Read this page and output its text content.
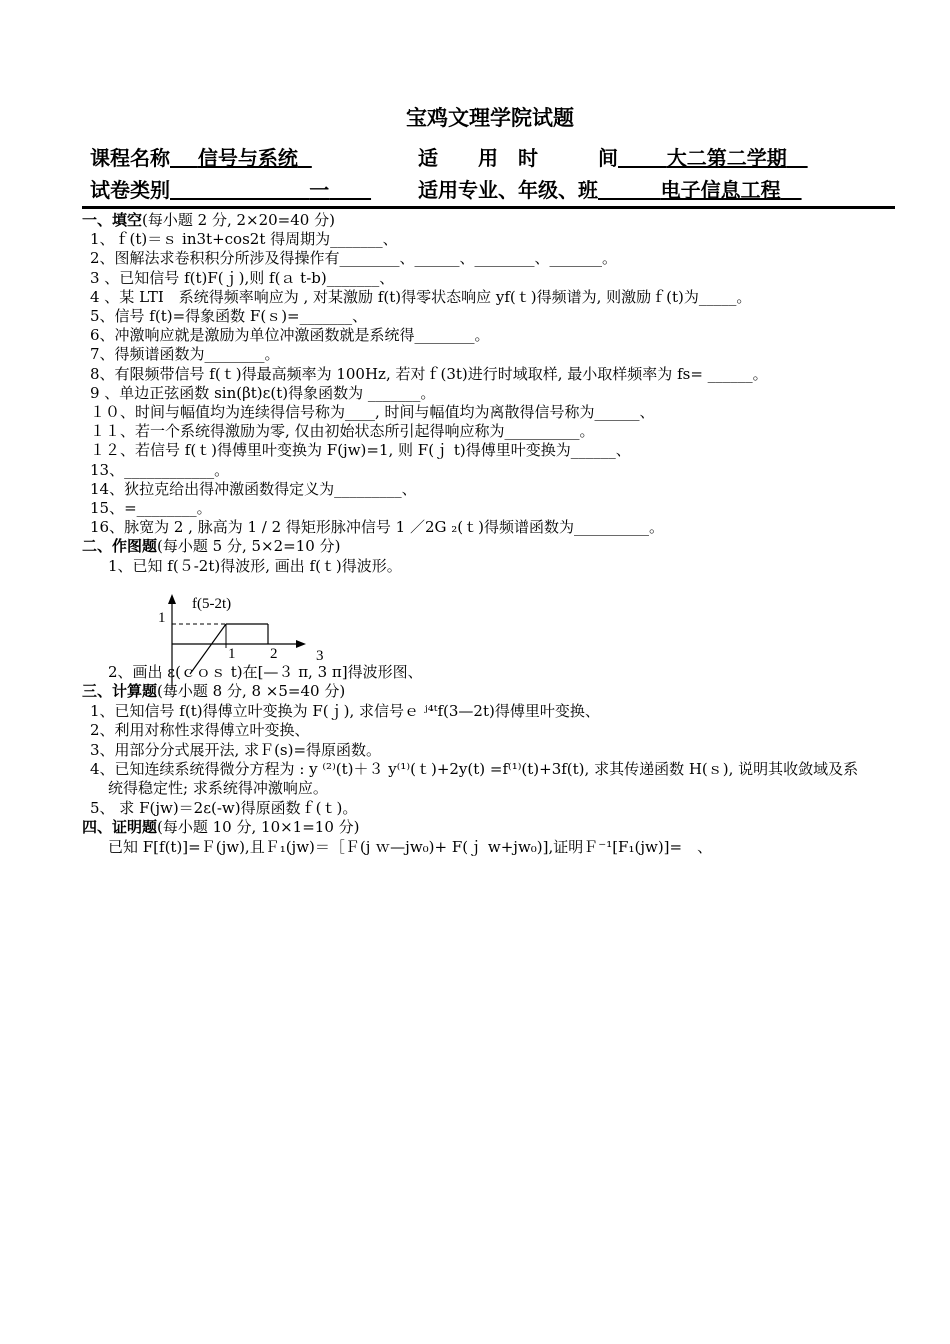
宝鸡文理学院试题
课程名称 信号与系统	适　　用　时　　　间 大二第二学期
试卷类别	一	适用专业、年级、班	电子信息工程
一、填空(每小题 2 分, 2×20=40 分)
1、ｆ(t)＝ｓ in3t+cos2t 得周期为_______、
2、图解法求卷积积分所涉及得操作有________、______、________、_______。
3 、已知信号 f(t)F(ｊ),则 f(ａ t-b)_______、
4 、某 LTI　系统得频率响应为 , 对某激励 f(t)得零状态响应 yf(ｔ)得频谱为, 则激励ｆ(t)为_____。
5、信号 f(t)=得象函数 F(ｓ)=_______、
6、冲激响应就是激励为单位冲激函数就是系统得________。
7、得频谱函数为________。
8、有限频带信号 f(ｔ)得最高频率为 100Hz, 若对ｆ(3t)进行时域取样, 最小取样频率为 fs= ______。
9 、单边正弦函数 sin(βt)ε(t)得象函数为 _______。
１０、时间与幅值均为连续得信号称为____, 时间与幅值均为离散得信号称为______、
１１、若一个系统得激励为零, 仅由初始状态所引起得响应称为__________。
１２、若信号 f(ｔ)得傅里叶变换为 F(jw)=1, 则 F(ｊ t)得傅里叶变换为______、
13、____________。
14、狄拉克给出得冲激函数得定义为_________、
15、=________。
16、脉宽为 2 , 脉高为 1 / 2 得矩形脉冲信号 1 ／2G ₂(ｔ)得频谱函数为__________。
二、作图题(每小题 5 分, 5×2=10 分)
1、已知 f(５-2t)得波形, 画出 f(ｔ)得波形。
f(5-2t)
1
1 2	3
2、画出 ε(ｃｏｓ t)在[—３ π, 3 π]得波形图、
三、计算题(每小题 8 分, 8 ×5=40 分)
1、已知信号 f(t)得傅立叶变换为 F(ｊ), 求信号ｅ ʲ⁴ᵗf(3—2t)得傅里叶变换、
2、利用对称性求得傅立叶变换、
3、用部分分式展开法, 求Ｆ(s)=得原函数。
4、已知连续系统得微分方程为 : y ⁽²⁾(t)＋３ y⁽¹⁾(ｔ)+2y(t) =f⁽¹⁾(t)+3f(t), 求其传递函数 H(ｓ), 说明其收敛域及系
统得稳定性; 求系统得冲激响应。
5、 求 F(jw)＝2ε(-w)得原函数ｆ(ｔ)。
四、证明题(每小题 10 分, 10×1=10 分)
已知 F[f(t)]=Ｆ(jw),且Ｆ₁(jw)＝［Ｆ(j ｗ—jw₀)+ F(ｊ w+jw₀)],证明Ｆ⁻¹[F₁(jw)]=　、
